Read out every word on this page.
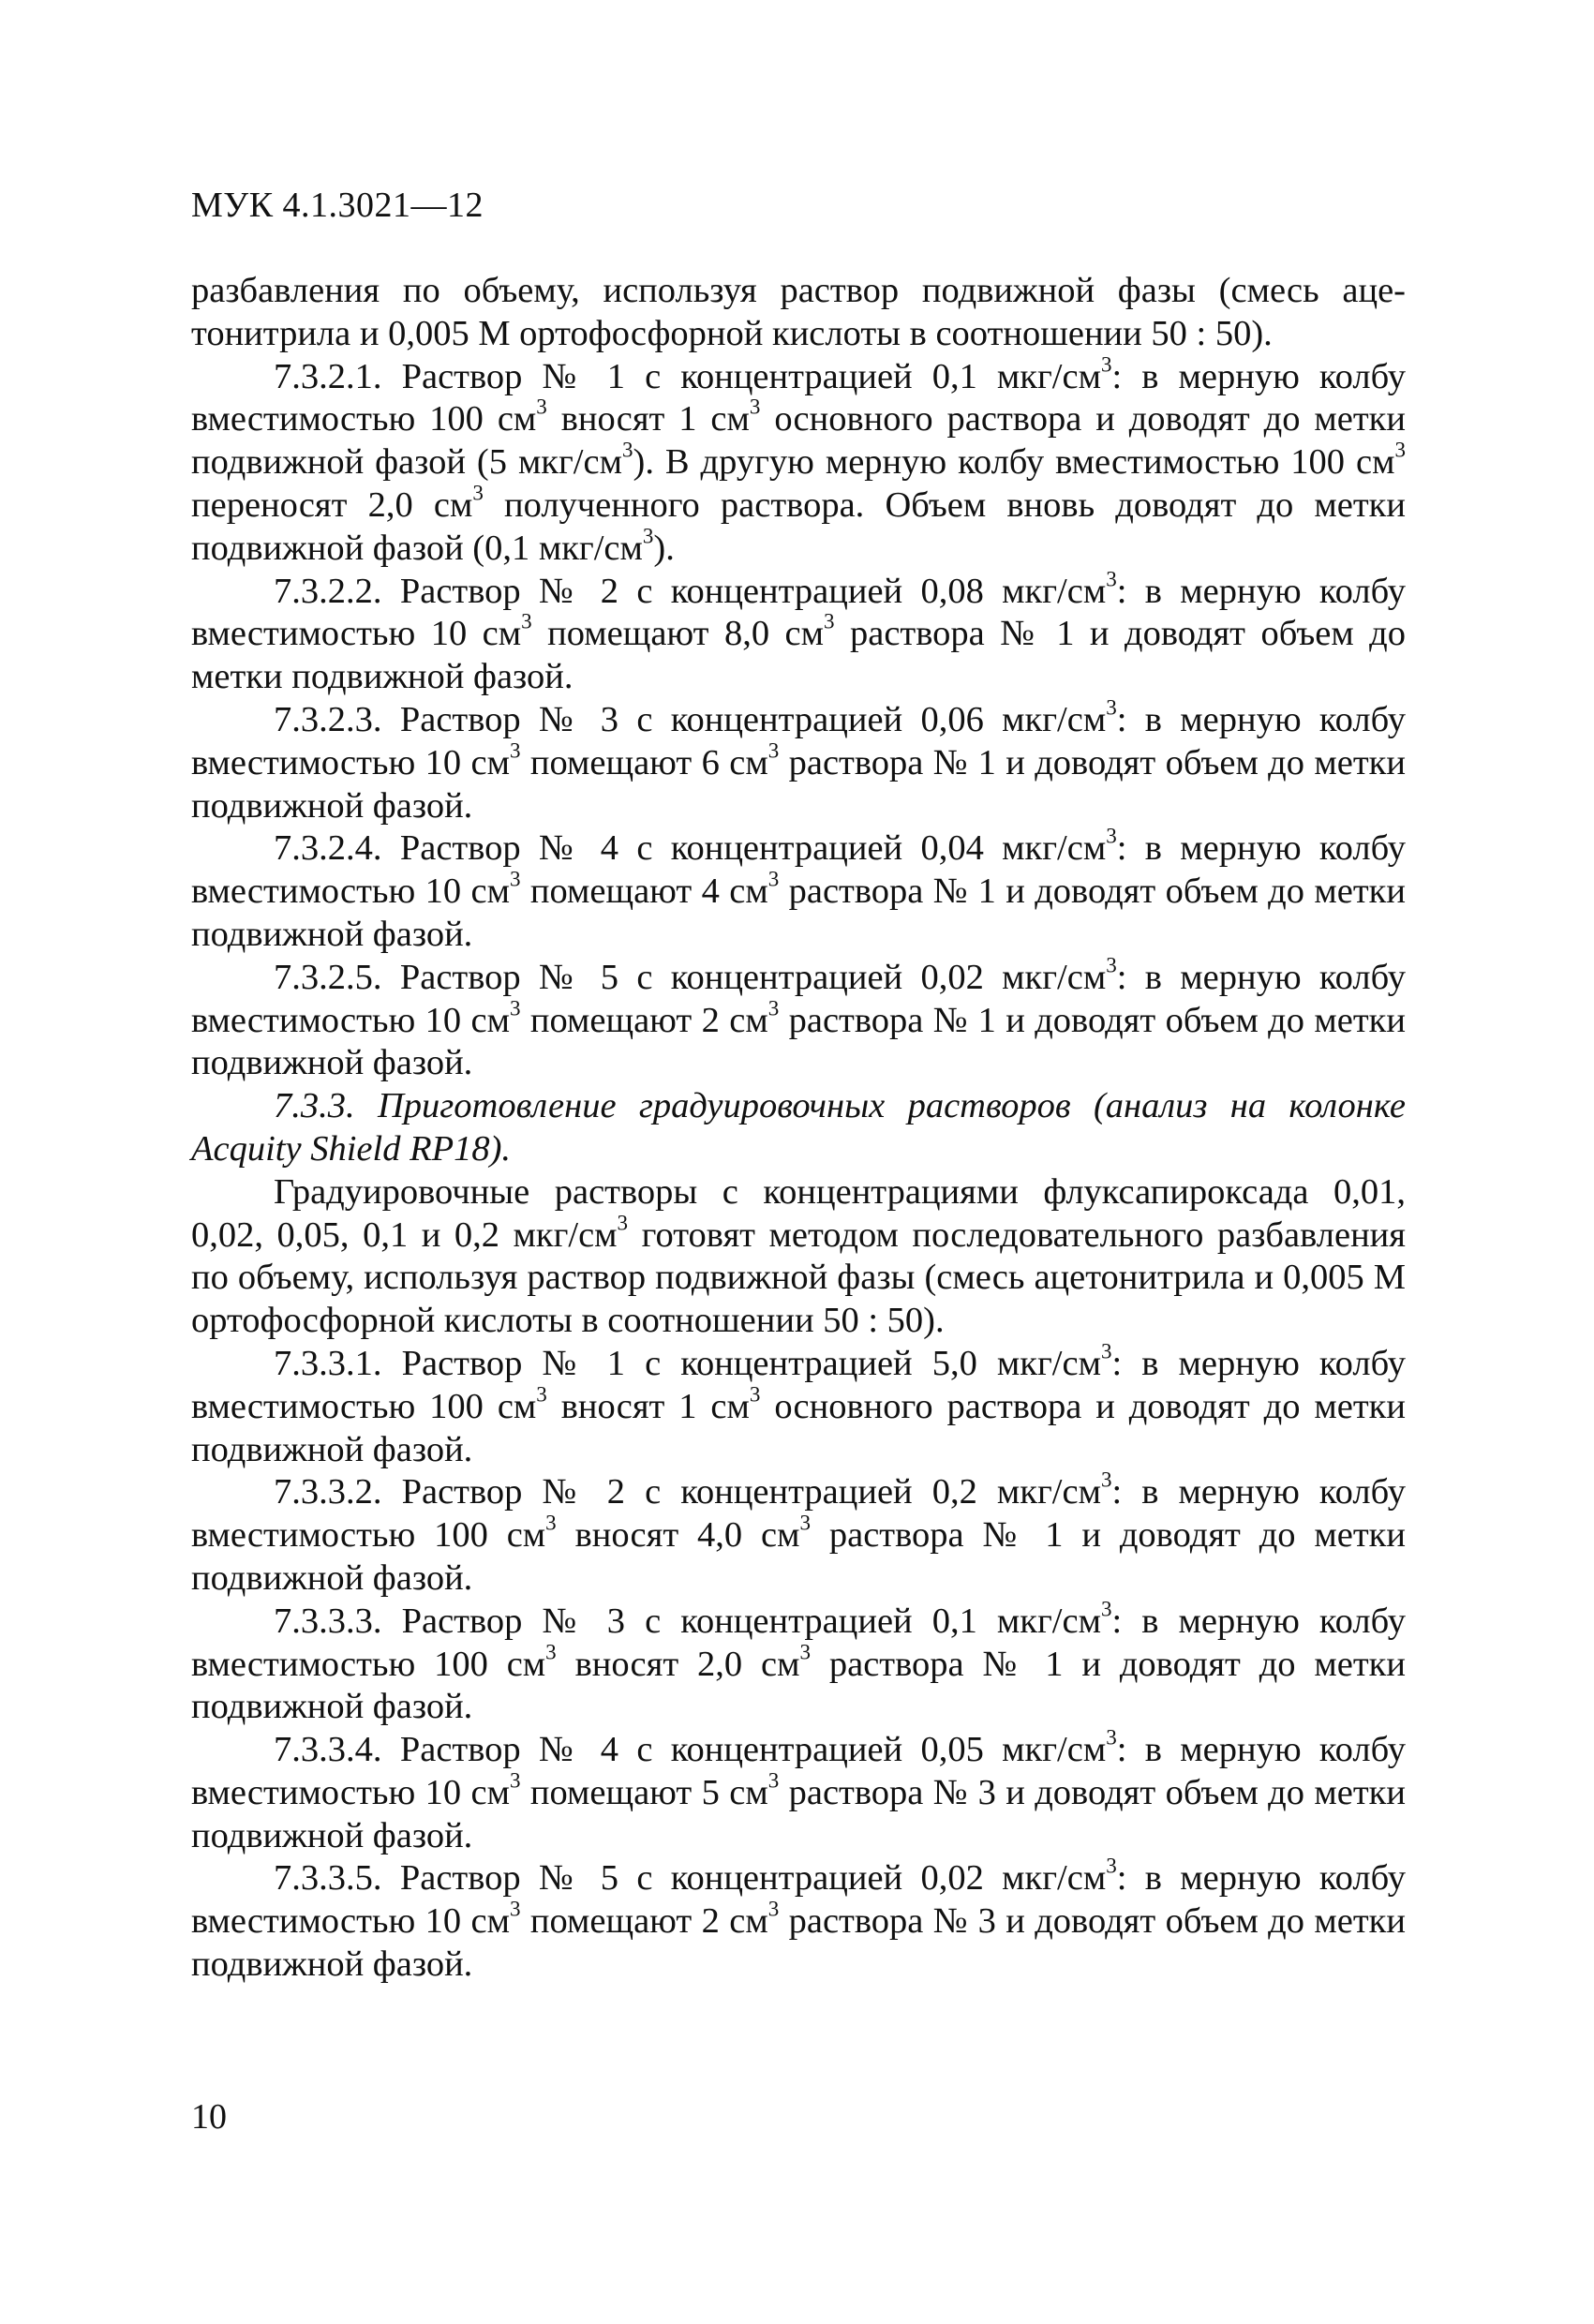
МУК 4.1.3021—12

разбавления по объему, используя раствор подвижной фазы (смесь ацетонитрила и 0,005 М ортофосфорной кислоты в соотношении 50 : 50).

7.3.2.1. Раствор № 1 с концентрацией 0,1 мкг/$см^3$: в мерную колбу вместимостью 100 $см^3$ вносят 1 $см^3$ основного раствора и доводят до метки подвижной фазой (5 мкг/$см^3$). В другую мерную колбу вместимостью 100 $см^3$ переносят 2,0 $см^3$ полученного раствора. Объем вновь доводят до метки подвижной фазой (0,1 мкг/$см^3$).

7.3.2.2. Раствор № 2 с концентрацией 0,08 мкг/$см^3$: в мерную колбу вместимостью 10 $см^3$ помещают 8,0 $см^3$ раствора № 1 и доводят объем до метки подвижной фазой.

7.3.2.3. Раствор № 3 с концентрацией 0,06 мкг/$см^3$: в мерную колбу вместимостью 10 $см^3$ помещают 6 $см^3$ раствора № 1 и доводят объем до метки подвижной фазой.

7.3.2.4. Раствор № 4 с концентрацией 0,04 мкг/$см^3$: в мерную колбу вместимостью 10 $см^3$ помещают 4 $см^3$ раствора № 1 и доводят объем до метки подвижной фазой.

7.3.2.5. Раствор № 5 с концентрацией 0,02 мкг/$см^3$: в мерную колбу вместимостью 10 $см^3$ помещают 2 $см^3$ раствора № 1 и доводят объем до метки подвижной фазой.

7.3.3. Приготовление градуировочных растворов (анализ на колонке Acquity Shield RP18).

Градуировочные растворы с концентрациями флуксапироксада 0,01, 0,02, 0,05, 0,1 и 0,2 мкг/$см^3$ готовят методом последовательного разбавления по объему, используя раствор подвижной фазы (смесь ацетонитрила и 0,005 М ортофосфорной кислоты в соотношении 50 : 50).

7.3.3.1. Раствор № 1 с концентрацией 5,0 мкг/$см^3$: в мерную колбу вместимостью 100 $см^3$ вносят 1 $см^3$ основного раствора и доводят до метки подвижной фазой.

7.3.3.2. Раствор № 2 с концентрацией 0,2 мкг/$см^3$: в мерную колбу вместимостью 100 $см^3$ вносят 4,0 $см^3$ раствора № 1 и доводят до метки подвижной фазой.

7.3.3.3. Раствор № 3 с концентрацией 0,1 мкг/$см^3$: в мерную колбу вместимостью 100 $см^3$ вносят 2,0 $см^3$ раствора № 1 и доводят до метки подвижной фазой.

7.3.3.4. Раствор № 4 с концентрацией 0,05 мкг/$см^3$: в мерную колбу вместимостью 10 $см^3$ помещают 5 $см^3$ раствора № 3 и доводят объем до метки подвижной фазой.

7.3.3.5. Раствор № 5 с концентрацией 0,02 мкг/$см^3$: в мерную колбу вместимостью 10 $см^3$ помещают 2 $см^3$ раствора № 3 и доводят объем до метки подвижной фазой.

10
